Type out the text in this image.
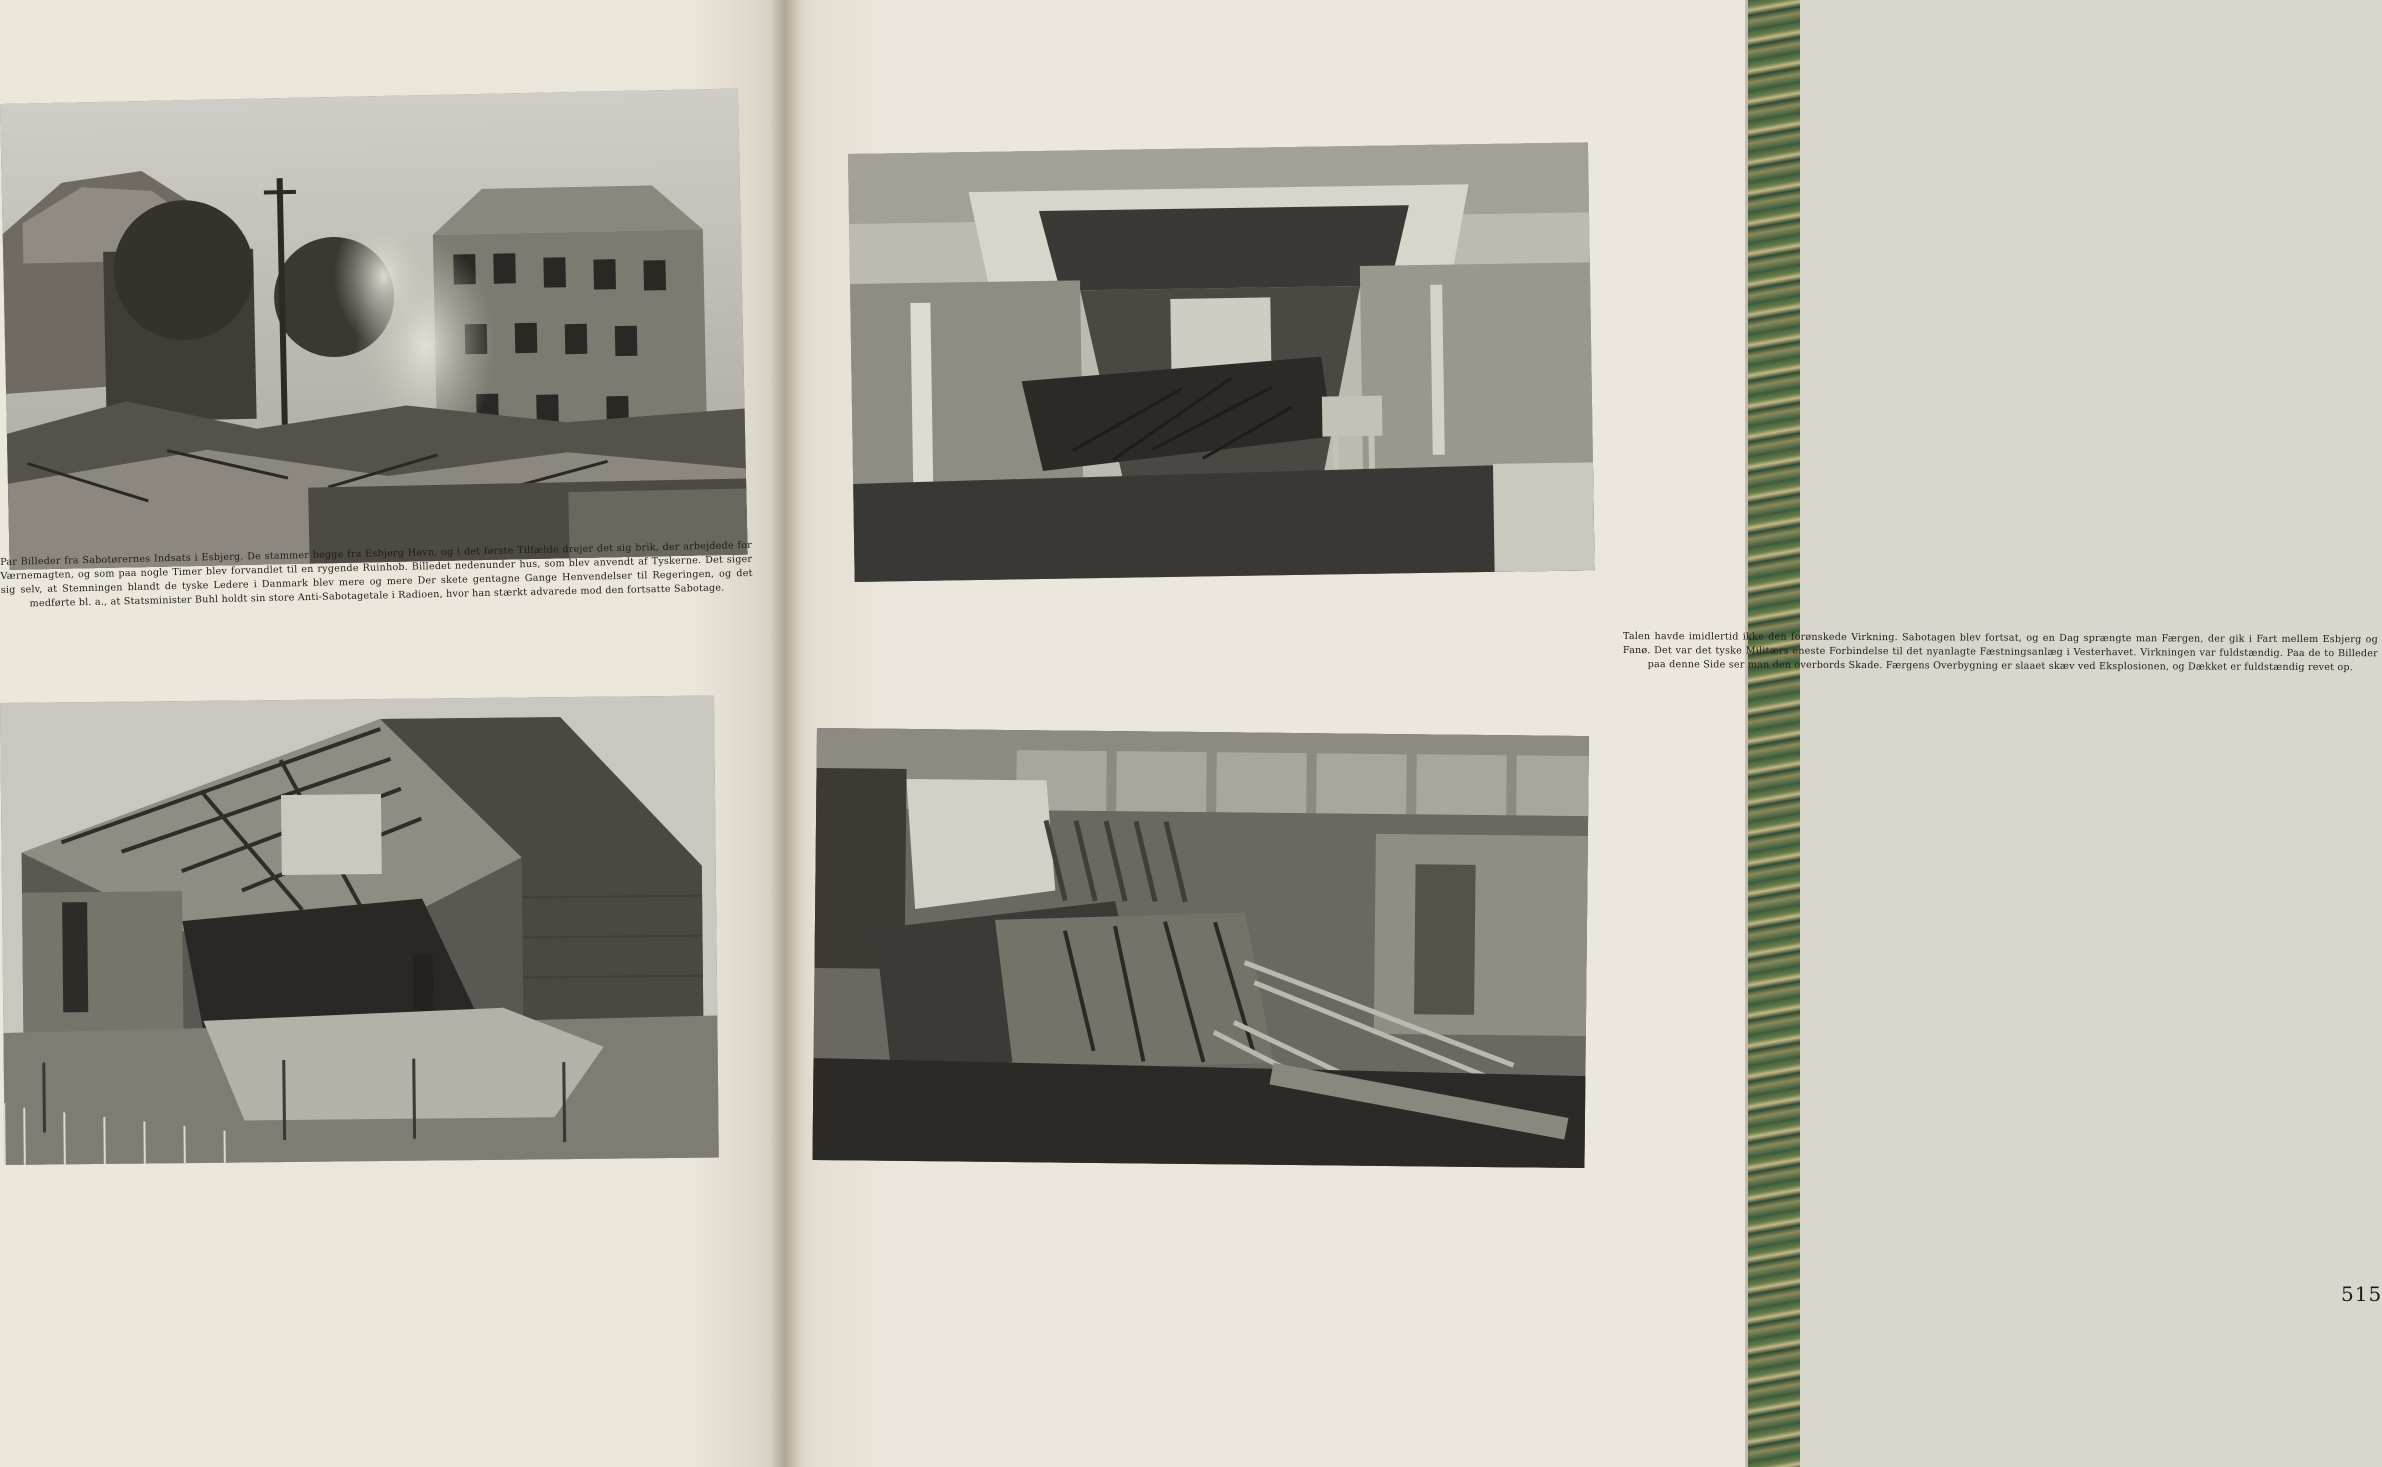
Par Billeder fra Sabotørernes Indsats i Esbjerg. De stammer begge fra Esbjerg Havn, og i det første Tilfælde drejer det sig brik, der arbejdede for Værnemagten, og som paa nogle Timer blev forvandlet til en rygende Ruinhob. Billedet nedenunder hus, som blev anvendt af Tyskerne. Det siger sig selv, at Stemningen blandt de tyske Ledere i Danmark blev mere og mere Der skete gentagne Gange Henvendelser til Regeringen, og det medførte bl. a., at Statsminister Buhl holdt sin store Anti-Sabotagetale i Radioen, hvor han stærkt advarede mod den fortsatte Sabotage.
Talen havde imidlertid ikke den forønskede Virkning. Sabotagen blev fortsat, og en Dag sprængte man Færgen, der gik i Fart mellem Esbjerg og Fanø. Det var det tyske Militærs eneste Forbindelse til det nyanlagte Fæstningsanlæg i Vesterhavet. Virkningen var fuldstændig. Paa de to Billeder paa denne Side ser man den overbords Skade. Færgens Overbygning er slaaet skæv ved Eksplosionen, og Dækket er fuldstændig revet op.
515
